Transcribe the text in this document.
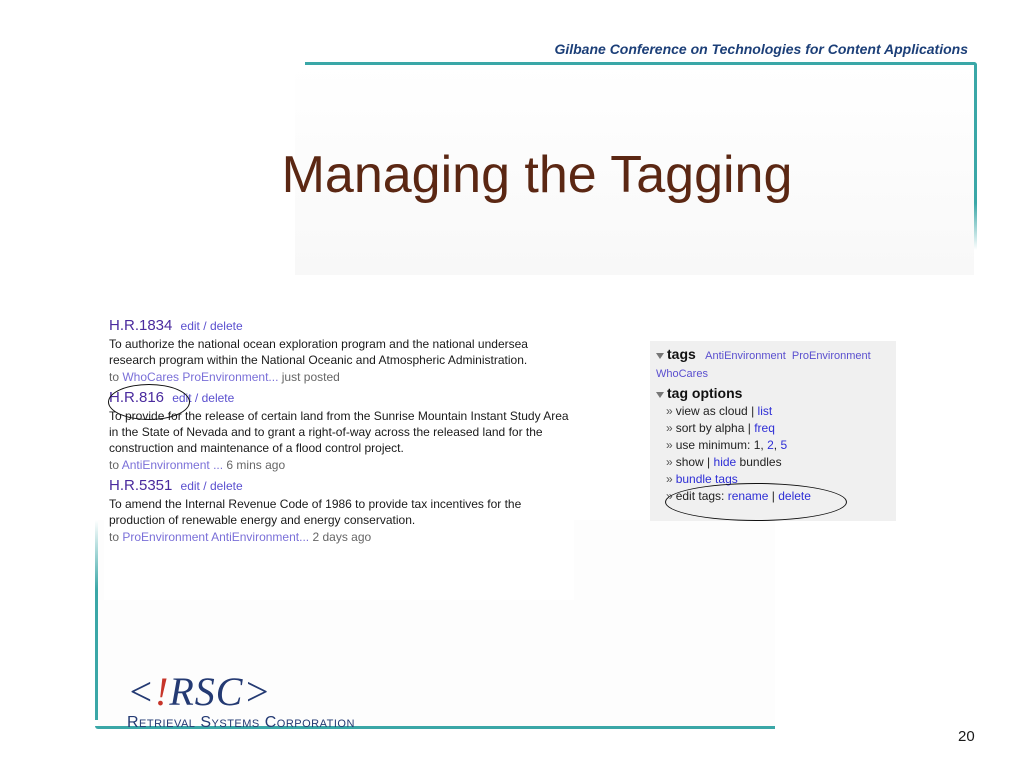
Gilbane Conference on Technologies for Content Applications
Managing the Tagging
H.R.1834 edit / delete
To authorize the national ocean exploration program and the national undersea research program within the National Oceanic and Atmospheric Administration.
to WhoCares ProEnvironment... just posted
H.R.816 edit / delete
To provide for the release of certain land from the Sunrise Mountain Instant Study Area in the State of Nevada and to grant a right-of-way across the released land for the construction and maintenance of a flood control project.
to AntiEnvironment ... 6 mins ago
H.R.5351 edit / delete
To amend the Internal Revenue Code of 1986 to provide tax incentives for the production of renewable energy and energy conservation.
to ProEnvironment AntiEnvironment... 2 days ago
tags AntiEnvironment ProEnvironment
WhoCares
tag options
» view as cloud | list
» sort by alpha | freq
» use minimum: 1, 2, 5
» show | hide bundles
» bundle tags
» edit tags: rename | delete
<!RSC>
Retrieval Systems Corporation
20
